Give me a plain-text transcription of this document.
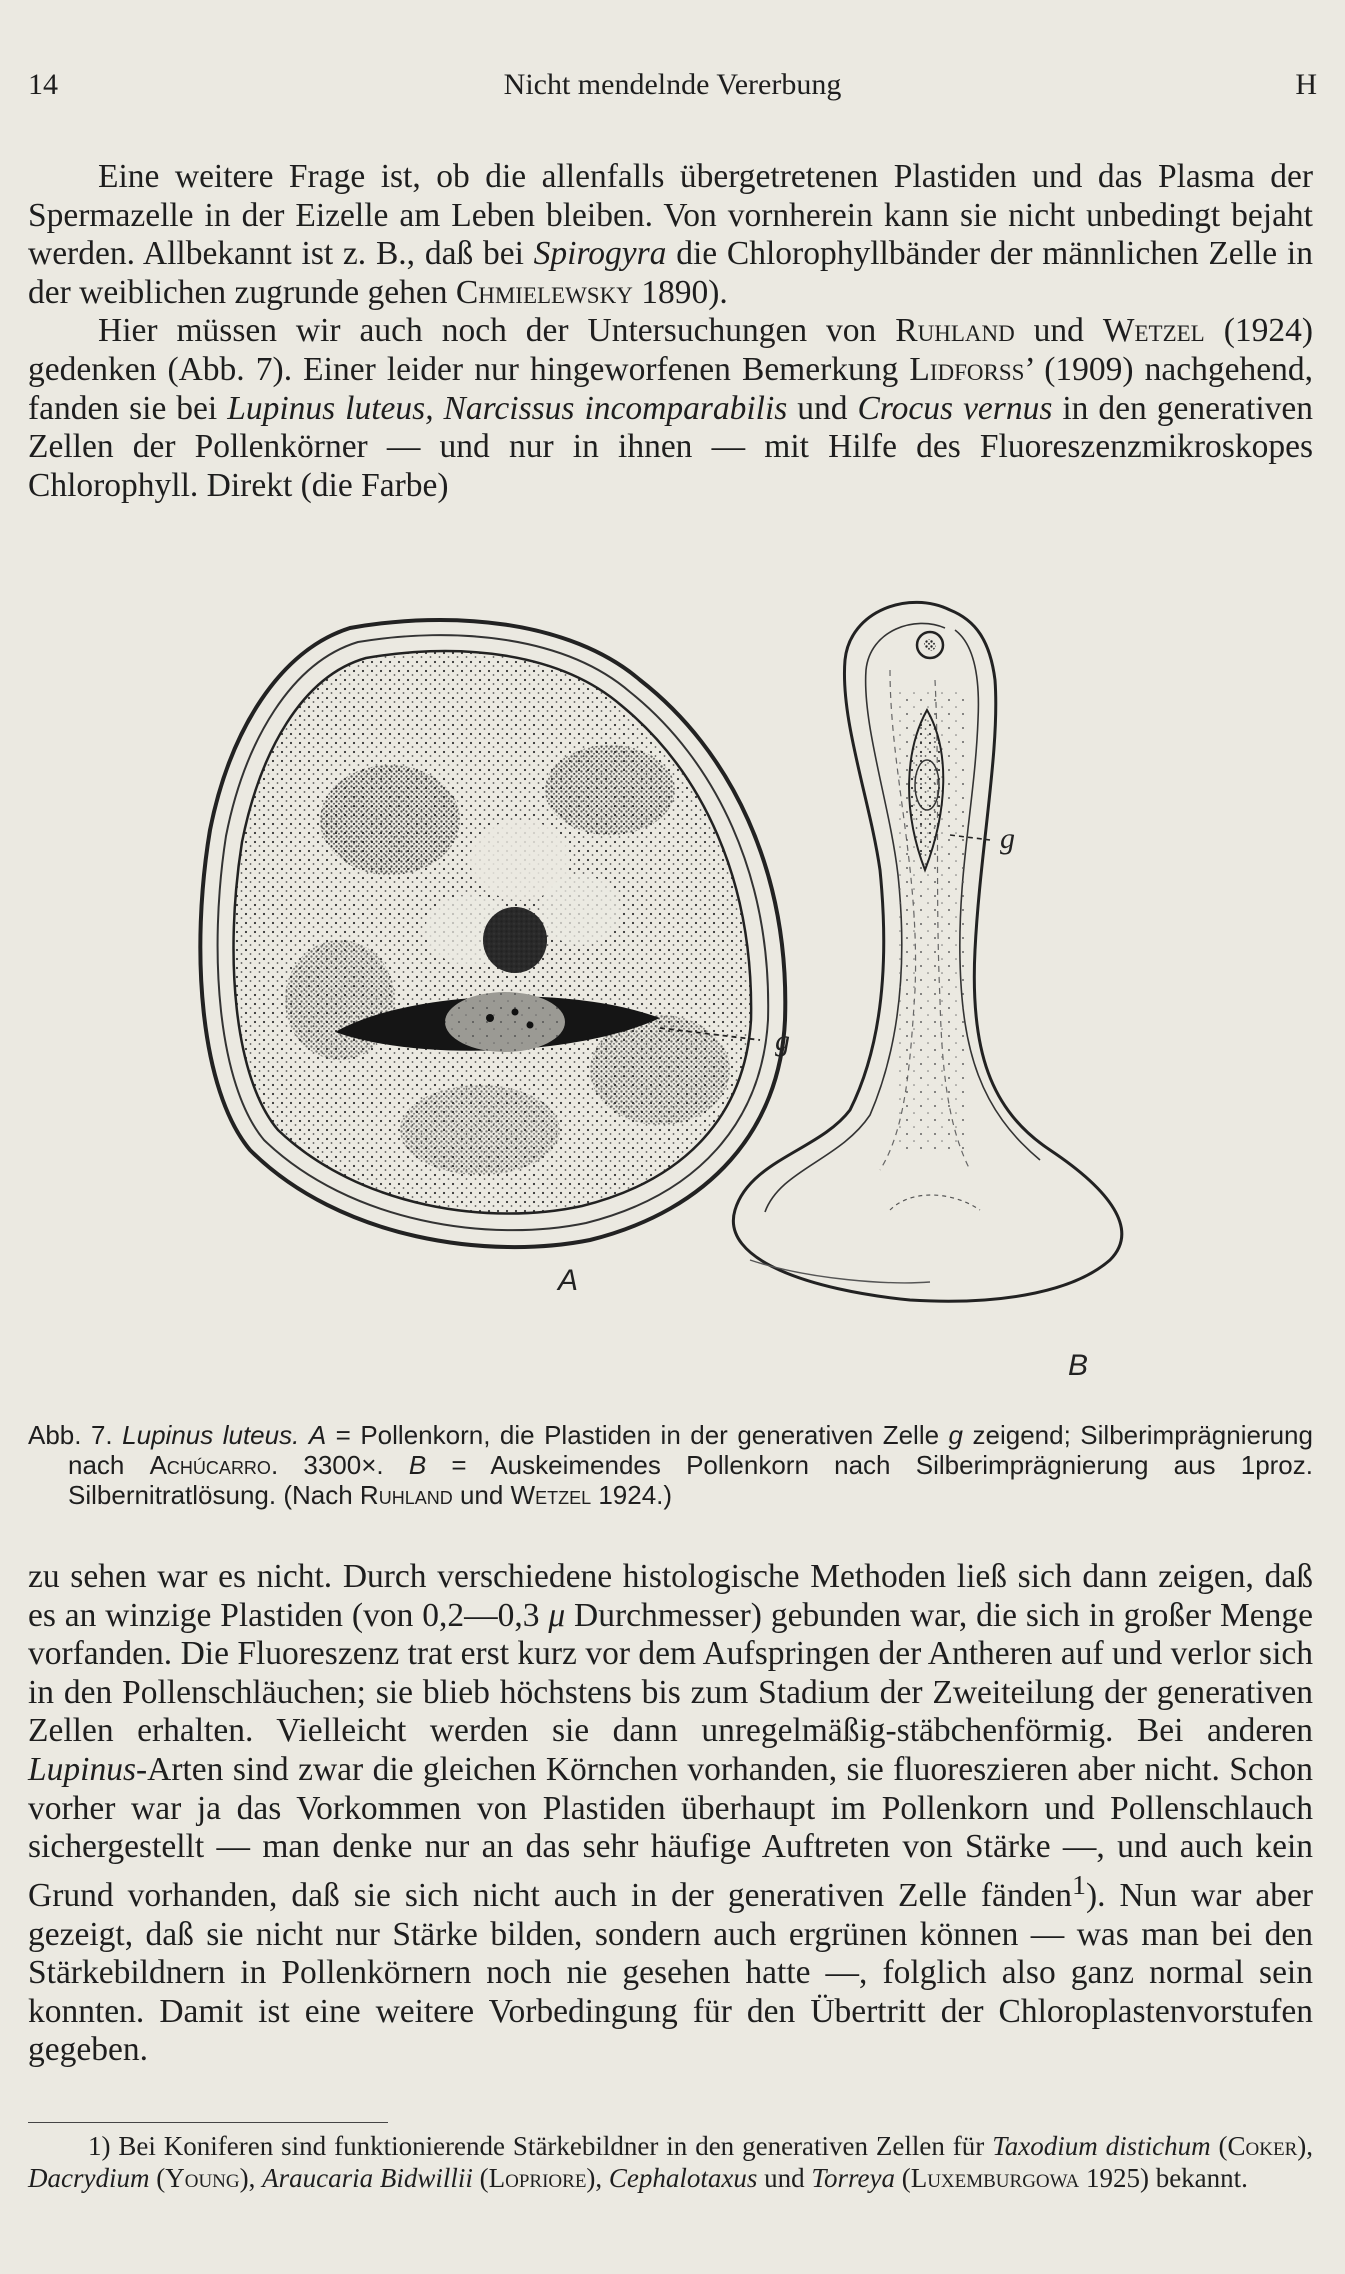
14	Nicht mendelnde Vererbung	H

Eine weitere Frage ist, ob die allenfalls übergetretenen Plastiden und das Plasma der Spermazelle in der Eizelle am Leben bleiben. Von vornherein kann sie nicht unbedingt bejaht werden. Allbekannt ist z. B., daß bei Spirogyra die Chlorophyllbänder der männlichen Zelle in der weiblichen zugrunde gehen Chmielewsky 1890).

Hier müssen wir auch noch der Untersuchungen von Ruhland und Wetzel (1924) gedenken (Abb. 7). Einer leider nur hingeworfenen Bemerkung Lidforss’ (1909) nachgehend, fanden sie bei Lupinus luteus, Narcissus incomparabilis und Crocus vernus in den generativen Zellen der Pollenkörner — und nur in ihnen — mit Hilfe des Fluoreszenzmikroskopes Chlorophyll. Direkt (die Farbe)

A
B
g
g
Abb. 7. Lupinus luteus. A = Pollenkorn, die Plastiden in der generativen Zelle g zeigend; Silberimprägnierung nach Achúcarro. 3300×. B = Auskeimendes Pollenkorn nach Silberimprägnierung aus 1proz. Silbernitratlösung. (Nach Ruhland und Wetzel 1924.)

zu sehen war es nicht. Durch verschiedene histologische Methoden ließ sich dann zeigen, daß es an winzige Plastiden (von 0,2—0,3 μ Durchmesser) gebunden war, die sich in großer Menge vorfanden. Die Fluoreszenz trat erst kurz vor dem Aufspringen der Antheren auf und verlor sich in den Pollenschläuchen; sie blieb höchstens bis zum Stadium der Zweiteilung der generativen Zellen erhalten. Vielleicht werden sie dann unregelmäßig-stäbchenförmig. Bei anderen Lupinus-Arten sind zwar die gleichen Körnchen vorhanden, sie fluoreszieren aber nicht. Schon vorher war ja das Vorkommen von Plastiden überhaupt im Pollenkorn und Pollenschlauch sichergestellt — man denke nur an das sehr häufige Auftreten von Stärke —, und auch kein Grund vorhanden, daß sie sich nicht auch in der generativen Zelle fänden$^1$). Nun war aber gezeigt, daß sie nicht nur Stärke bilden, sondern auch ergrünen können — was man bei den Stärkebildnern in Pollenkörnern noch nie gesehen hatte —, folglich also ganz normal sein konnten. Damit ist eine weitere Vorbedingung für den Übertritt der Chloroplastenvorstufen gegeben.

1) Bei Koniferen sind funktionierende Stärkebildner in den generativen Zellen für Taxodium distichum (Coker), Dacrydium (Young), Araucaria Bidwillii (Lopriore), Cephalotaxus und Torreya (Luxemburgowa 1925) bekannt.
